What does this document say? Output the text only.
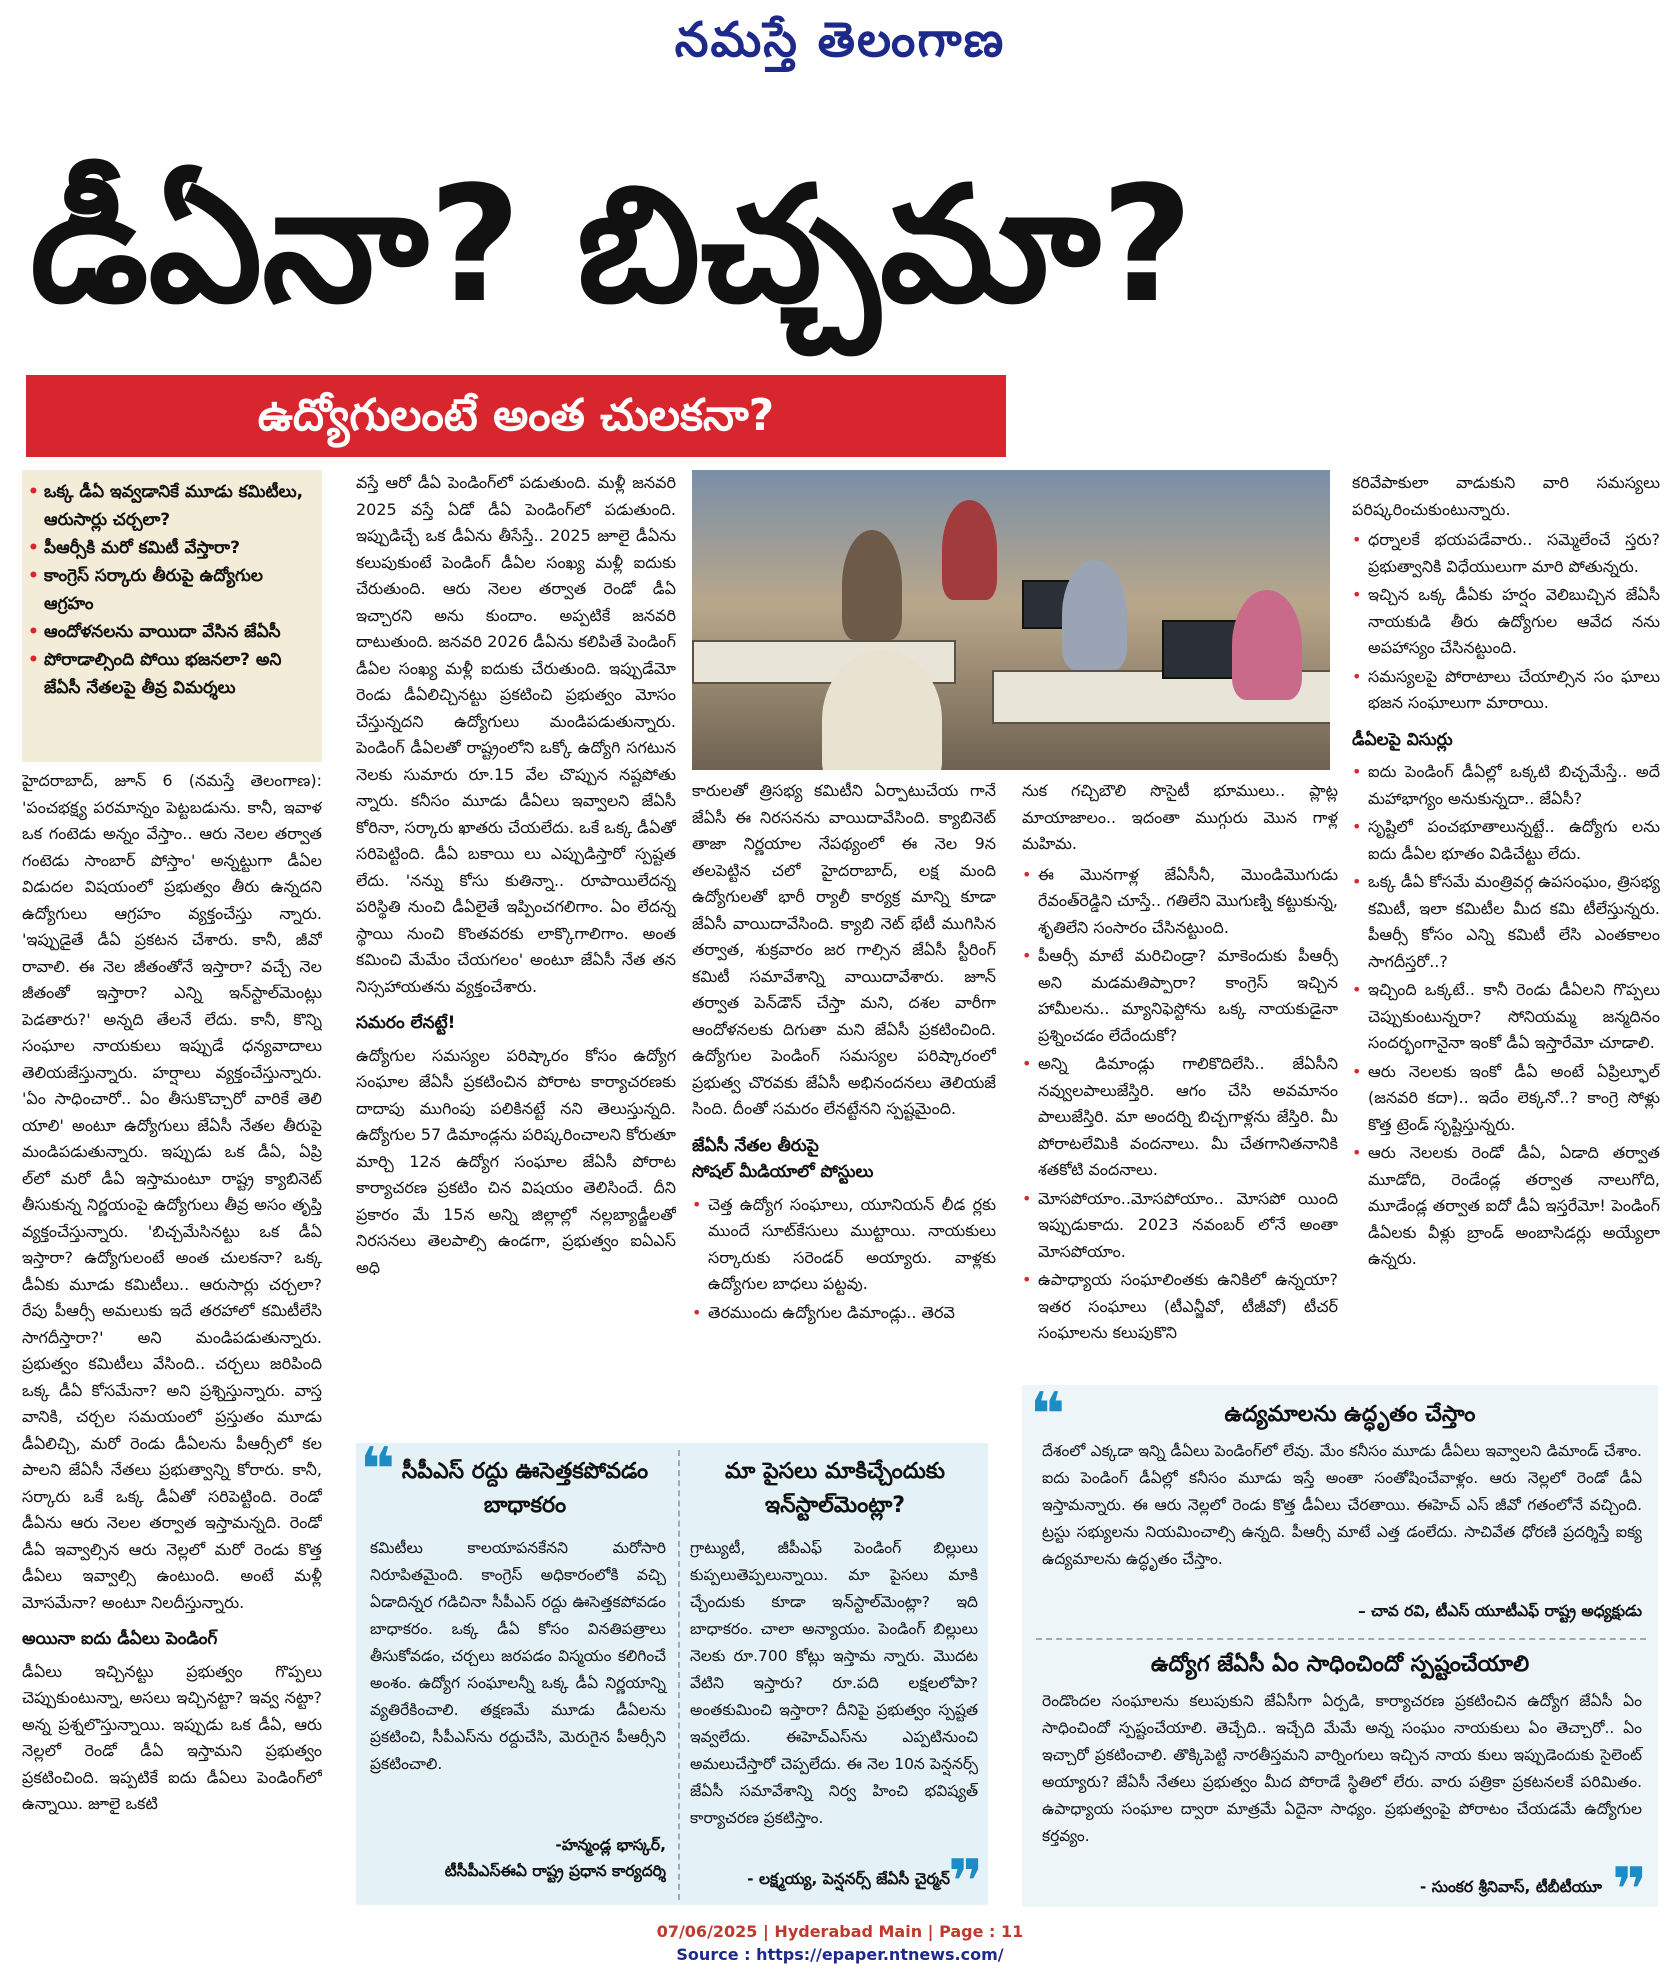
నమస్తే తెలంగాణ
డీఏనా? బిచ్చమా?
ఉద్యోగులంటే అంత చులకనా?
• ఒక్క డీఏ ఇవ్వడానికే మూడు కమిటీలు, ఆరుసార్లు చర్చలా?
• పీఆర్సీకి మరో కమిటీ వేస్తారా?
• కాంగ్రెస్ సర్కారు తీరుపై ఉద్యోగుల ఆగ్రహం
• ఆందోళనలను వాయిదా వేసిన జేఏసీ
• పోరాడాల్సింది పోయి భజనలా? అని జేఏసీ నేతలపై తీవ్ర విమర్శలు

హైదరాబాద్, జూన్ 6 (నమస్తే తెలంగాణ): 'పంచభక్ష్య పరమాన్నం పెట్టబడును. కానీ, ఇవాళ ఒక గంటెడు అన్నం వేస్తాం.. ఆరు నెలల తర్వాత గంటెడు సాంబార్ పోస్తాం' అన్నట్టుగా డీఏల విడుదల విషయంలో ప్రభుత్వం తీరు ఉన్నదని ఉద్యోగులు ఆగ్రహం వ్యక్తంచేస్తు న్నారు. 'ఇప్పుడైతే డీఏ ప్రకటన చేశారు. కానీ, జీవో రావాలి. ఈ నెల జీతంతోనే ఇస్తారా? వచ్చే నెల జీతంతో ఇస్తారా? ఎన్ని ఇన్‌స్టాల్‌మెంట్లు పెడతారు?' అన్నది తేలనే లేదు. కానీ, కొన్ని సంఘాల నాయకులు ఇప్పుడే ధన్యవాదాలు తెలియజేస్తున్నారు. హర్షాలు వ్యక్తంచేస్తున్నారు. 'ఏం సాధించారో.. ఏం తీసుకొచ్చారో వారికే తెలి యాలి' అంటూ ఉద్యోగులు జేఏసీ నేతల తీరుపై మండిపడుతున్నారు. ఇప్పుడు ఒక డీఏ, ఏప్రి ల్‌లో మరో డీఏ ఇస్తామంటూ రాష్ట్ర క్యాబినెట్ తీసుకున్న నిర్ణయంపై ఉద్యోగులు తీవ్ర అసం తృప్తి వ్యక్తంచేస్తున్నారు. 'బిచ్చమేసినట్టు ఒక డీఏ ఇస్తారా? ఉద్యోగులంటే అంత చులకనా? ఒక్క డీఏకు మూడు కమిటీలు.. ఆరుసార్లు చర్చలా? రేపు పీఆర్సీ అమలుకు ఇదే తరహాలో కమిటీలేసి సాగదీస్తారా?' అని మండిపడుతున్నారు. ప్రభుత్వం కమిటీలు వేసింది.. చర్చలు జరిపింది ఒక్క డీఏ కోసమేనా? అని ప్రశ్నిస్తున్నారు. వాస్త వానికి, చర్చల సమయంలో ప్రస్తుతం మూడు డీఏలిచ్చి, మరో రెండు డీఏలను పీఆర్సీలో కల పాలని జేఏసీ నేతలు ప్రభుత్వాన్ని కోరారు. కానీ, సర్కారు ఒకే ఒక్క డీఏతో సరిపెట్టింది. రెండో డీఏను ఆరు నెలల తర్వాత ఇస్తామన్నది. రెండో డీఏ ఇవ్వాల్సిన ఆరు నెల్లలో మరో రెండు కొత్త డీఏలు ఇవ్వాల్సి ఉంటుంది. అంటే మళ్లీ మోసమేనా? అంటూ నిలదీస్తున్నారు.

అయినా ఐదు డీఏలు పెండింగ్

డీఏలు ఇచ్చినట్టు ప్రభుత్వం గొప్పలు చెప్పుకుంటున్నా, అసలు ఇచ్చినట్టా? ఇవ్వ నట్టా? అన్న ప్రశ్నలొస్తున్నాయి. ఇప్పుడు ఒక డీఏ, ఆరు నెల్లలో రెండో డీఏ ఇస్తామని ప్రభుత్వం ప్రకటించింది. ఇప్పటికే ఐదు డీఏలు పెండింగ్‌లో ఉన్నాయి. జూలై ఒకటి

వస్తే ఆరో డీఏ పెండింగ్‌లో పడుతుంది. మళ్లీ జనవరి 2025 వస్తే ఏడో డీఏ పెండింగ్‌లో పడుతుంది. ఇప్పుడిచ్చే ఒక డీఏను తీసేస్తే.. 2025 జూలై డీఏను కలుపుకుంటే పెండింగ్ డీఏల సంఖ్య మళ్లీ ఐదుకు చేరుతుంది. ఆరు నెలల తర్వాత రెండో డీఏ ఇచ్చారని అను కుందాం. అప్పటికే జనవరి దాటుతుంది. జనవరి 2026 డీఏను కలిపితే పెండింగ్ డీఏల సంఖ్య మళ్లీ ఐదుకు చేరుతుంది. ఇప్పుడేమో రెండు డీఏలిచ్చినట్టు ప్రకటించి ప్రభుత్వం మోసం చేస్తున్నదని ఉద్యోగులు మండిపడుతున్నారు. పెండింగ్ డీఏలతో రాష్ట్రంలోని ఒక్కో ఉద్యోగి సగటున నెలకు సుమారు రూ.15 వేల చొప్పున నష్టపోతు న్నారు. కనీసం మూడు డీఏలు ఇవ్వాలని జేఏసీ కోరినా, సర్కారు ఖాతరు చేయలేదు. ఒకే ఒక్క డీఏతో సరిపెట్టింది. డీఏ బకాయి లు ఎప్పుడిస్తారో స్పష్టత లేదు. 'నన్ను కోసు కుతిన్నా.. రూపాయిలేదన్న పరిస్థితి నుంచి డీఏలైతే ఇప్పించగలిగాం. ఏం లేదన్న స్థాయి నుంచి కొంతవరకు లాక్కొగాలిగాం. అంత కమించి మేమేం చేయగలం' అంటూ జేఏసీ నేత తన నిస్సహాయతను వ్యక్తంచేశారు.

సమరం లేనట్టే!

ఉద్యోగుల సమస్యల పరిష్కారం కోసం ఉద్యోగ సంఘాల జేఏసీ ప్రకటించిన పోరాట కార్యాచరణకు దాదాపు ముగింపు పలికినట్టే నని తెలుస్తున్నది. ఉద్యోగుల 57 డిమాండ్లను పరిష్కరించాలని కోరుతూ మార్చి 12న ఉద్యోగ సంఘాల జేఏసీ పోరాట కార్యాచరణ ప్రకటిం చిన విషయం తెలిసిందే. దీని ప్రకారం మే 15న అన్ని జిల్లాల్లో నల్లబ్యాడ్జీలతో నిరసనలు తెలపాల్సి ఉండగా, ప్రభుత్వం ఐఏఎస్ అధి

కారులతో త్రిసభ్య కమిటీని ఏర్పాటుచేయ గానే జేఏసీ ఈ నిరసనను వాయిదావేసింది. క్యాబినెట్ తాజా నిర్ణయాల నేపథ్యంలో ఈ నెల 9న తలపెట్టిన చలో హైదరాబాద్, లక్ష మంది ఉద్యోగులతో భారీ ర్యాలీ కార్యక్ర మాన్ని కూడా జేఏసీ వాయిదావేసింది. క్యాబి నెట్ భేటీ ముగిసిన తర్వాత, శుక్రవారం జర గాల్సిన జేఏసీ స్టీరింగ్ కమిటీ సమావేశాన్ని వాయిదావేశారు. జూన్ తర్వాత పెన్‌డౌన్ చేస్తా మని, దశల వారీగా ఆందోళనలకు దిగుతా మని జేఏసీ ప్రకటించింది. ఉద్యోగుల పెండింగ్ సమస్యల పరిష్కారంలో ప్రభుత్వ చొరవకు జేఏసీ అభినందనలు తెలియజే సింది. దీంతో సమరం లేనట్టేనని స్పష్టమైంది.

జేఏసీ నేతల తీరుపై
సోషల్ మీడియాలో పోస్టులు
• చెత్త ఉద్యోగ సంఘాలు, యూనియన్ లీడ ర్లకు ముందే సూట్‌కేసులు ముట్టాయి. నాయకులు సర్కారుకు సరెండర్ అయ్యారు. వాళ్లకు ఉద్యోగుల బాధలు పట్టవు.
• తెరముందు ఉద్యోగుల డిమాండ్లు.. తెరవె

నుక గచ్చిబౌలి సొసైటీ భూములు.. ప్లాట్ల మాయాజాలం.. ఇదంతా ముగ్గురు మొన గాళ్ల మహిమ.

• ఈ మొనగాళ్ల జేఏసీనీ, మొండిమొగుడు రేవంత్‌రెడ్డిని చూస్తే.. గతిలేని మొగుణ్ని కట్టుకున్న, శృతిలేని సంసారం చేసినట్టుంది.
• పీఆర్సీ మాటే మరిచిండ్రా? మాకెందుకు పీఆర్సీ అని మడమతిప్పారా? కాంగ్రెస్ ఇచ్చిన హామీలను.. మ్యానిఫెస్టోను ఒక్క నాయకుడైనా ప్రశ్నించడం లేదేందుకో?
• అన్ని డిమాండ్లు గాలికొదిలేసి.. జేఏసీని నవ్వులపాలుజేస్తిరి. ఆగం చేసి అవమానం పాలుజేస్తిరి. మా అందర్ని బిచ్చగాళ్లను జేస్తిరి. మీ పోరాటలేమికి వందనాలు. మీ చేతగానితనానికి శతకోటి వందనాలు.
• మోసపోయాం..మోసపోయాం.. మోసపో యింది ఇప్పుడుకాదు. 2023 నవంబర్ లోనే అంతా మోసపోయాం.
• ఉపాధ్యాయ సంఘాలింతకు ఉనికిలో ఉన్నయా? ఇతర సంఘాలు (టీఎన్జీవో, టీజీవో) టీచర్ సంఘాలను కలుపుకొని

కరివేపాకులా వాడుకుని వారి సమస్యలు పరిష్కరించుకుంటున్నారు.

• ధర్నాలకే భయపడేవారు.. సమ్మెలేంచే స్తరు? ప్రభుత్వానికి విధేయులుగా మారి పోతున్నరు.
• ఇచ్చిన ఒక్క డీఏకు హర్షం వెలిబుచ్చిన జేఏసీ నాయకుడి తీరు ఉద్యోగుల ఆవేద నను అపహాస్యం చేసినట్టుంది.
• సమస్యలపై పోరాటాలు చేయాల్సిన సం ఘాలు భజన సంఘాలుగా మారాయి.
డీఏలపై విసుర్లు
• ఐదు పెండింగ్ డీఏల్లో ఒక్కటి బిచ్చమేస్తే.. అదే మహాభాగ్యం అనుకున్నదా.. జేఏసీ?
• సృష్టిలో పంచభూతాలున్నట్టే.. ఉద్యోగు లను ఐదు డీఏల భూతం విడిచేట్టు లేదు.
• ఒక్క డీఏ కోసమే మంత్రివర్గ ఉపసంఘం, త్రిసభ్య కమిటీ, ఇలా కమిటీల మీద కమి టీలేస్తున్నరు. పీఆర్సీ కోసం ఎన్ని కమిటీ లేసి ఎంతకాలం సాగదీస్తరో..?
• ఇచ్చింది ఒక్కటే.. కానీ రెండు డీఏలని గొప్పలు చెప్పుకుంటున్నరా? సోనియమ్మ జన్మదినం సందర్భంగానైనా ఇంకో డీఏ ఇస్తారేమో చూడాలి.
• ఆరు నెలలకు ఇంకో డీఏ అంటే ఏప్రిల్ఫూల్ (జనవరి కదా).. ఇదేం లెక్కనో..? కాంగ్రె సోళ్లు కొత్త ట్రెండ్ సృష్టిస్తున్నరు.
• ఆరు నెలలకు రెండో డీఏ, ఏడాది తర్వాత మూడోది, రెండేండ్ల తర్వాత నాలుగోది, మూడేండ్ల తర్వాత ఐదో డీఏ ఇస్తరేమో! పెండింగ్ డీఏలకు వీళ్లు బ్రాండ్ అంబాసిడర్లు అయ్యేలా ఉన్నరు.
❝ సీపీఎస్ రద్దు ఊసెత్తకపోవడం బాధాకరం
కమిటీలు కాలయాపనకేనని మరోసారి నిరూపితమైంది. కాంగ్రెస్ అధికారంలోకి వచ్చి ఏడాదిన్నర గడిచినా సీపీఎస్ రద్దు ఊసెత్తకపోవడం బాధాకరం. ఒక్క డీఏ కోసం వినతిపత్రాలు తీసుకోవడం, చర్చలు జరపడం విస్మయం కలిగించే అంశం. ఉద్యోగ సంఘాలన్నీ ఒక్క డీఏ నిర్ణయాన్ని వ్యతిరేకించాలి. తక్షణమే మూడు డీఏలను ప్రకటించి, సీపీఎస్‌ను రద్దుచేసి, మెరుగైన పీఆర్సీని ప్రకటించాలి.
-హన్మండ్ల భాస్కర్,
టీసీపీఎస్‌ఈఏ రాష్ట్ర ప్రధాన కార్యదర్శి
మా పైసలు మాకిచ్చేందుకు ఇన్‌స్టాల్‌మెంట్లా?
గ్రాట్యుటీ, జీపీఎఫ్ పెండింగ్ బిల్లులు కుప్పలుతెప్పలున్నాయి. మా పైసలు మాకి చ్చేందుకు కూడా ఇన్‌స్టాల్‌మెంట్లా? ఇది బాధాకరం. చాలా అన్యాయం. పెండింగ్ బిల్లులు నెలకు రూ.700 కోట్లు ఇస్తామ న్నారు. మొదట వేటిని ఇస్తారు? రూ.పది లక్షలలోపా? అంతకుమించి ఇస్తారా? దీనిపై ప్రభుత్వం స్పష్టత ఇవ్వలేదు. ఈహెచ్ఎస్‌ను ఎప్పటినుంచి అమలుచేస్తారో చెప్పలేదు. ఈ నెల 10న పెన్షనర్స్ జేఏసీ సమావేశాన్ని నిర్వ హించి భవిష్యత్ కార్యాచరణ ప్రకటిస్తాం.
- లక్ష్మయ్య, పెన్షనర్స్ జేఏసీ చైర్మన్
❞
❝	ఉద్యమాలను ఉద్ధృతం చేస్తాం
దేశంలో ఎక్కడా ఇన్ని డీఏలు పెండింగ్‌లో లేవు. మేం కనీసం మూడు డీఏలు ఇవ్వాలని డిమాండ్ చేశాం. ఐదు పెండింగ్ డీఏల్లో కనీసం మూడు ఇస్తే అంతా సంతోషించేవాళ్లం. ఆరు నెల్లలో రెండో డీఏ ఇస్తామన్నారు. ఈ ఆరు నెల్లలో రెండు కొత్త డీఏలు చేరతాయి. ఈహెచ్ ఎస్ జీవో గతంలోనే వచ్చింది. ట్రస్టు సభ్యులను నియమించాల్సి ఉన్నది. పీఆర్సీ మాటే ఎత్త డంలేదు. సాచివేత ధోరణి ప్రదర్శిస్తే ఐక్య ఉద్యమాలను ఉద్ధృతం చేస్తాం.
– చావ రవి, టీఎస్ యూటీఎఫ్ రాష్ట్ర అధ్యక్షుడు
ఉద్యోగ జేఏసీ ఏం సాధించిందో స్పష్టంచేయాలి
రెండొందల సంఘాలను కలుపుకుని జేఏసీగా ఏర్పడి, కార్యాచరణ ప్రకటించిన ఉద్యోగ జేఏసీ ఏం సాధించిందో స్పష్టంచేయాలి. తెచ్చేది.. ఇచ్చేది మేమే అన్న సంఘం నాయకులు ఏం తెచ్చారో.. ఏం ఇచ్చారో ప్రకటించాలి. తొక్కిపెట్టి నారతీస్తమని వార్నింగులు ఇచ్చిన నాయ కులు ఇప్పుడెందుకు సైలెంట్ అయ్యారు? జేఏసీ నేతలు ప్రభుత్వం మీద పోరాడే స్థితిలో లేరు. వారు పత్రికా ప్రకటనలకే పరిమితం. ఉపాధ్యాయ సంఘాల ద్వారా మాత్రమే ఏదైనా సాధ్యం. ప్రభుత్వంపై పోరాటం చేయడమే ఉద్యోగుల కర్తవ్యం.
- సుంకర శ్రీనివాస్, టీబీటీయూ ❞
07/06/2025 | Hyderabad Main | Page : 11
Source : https://epaper.ntnews.com/
